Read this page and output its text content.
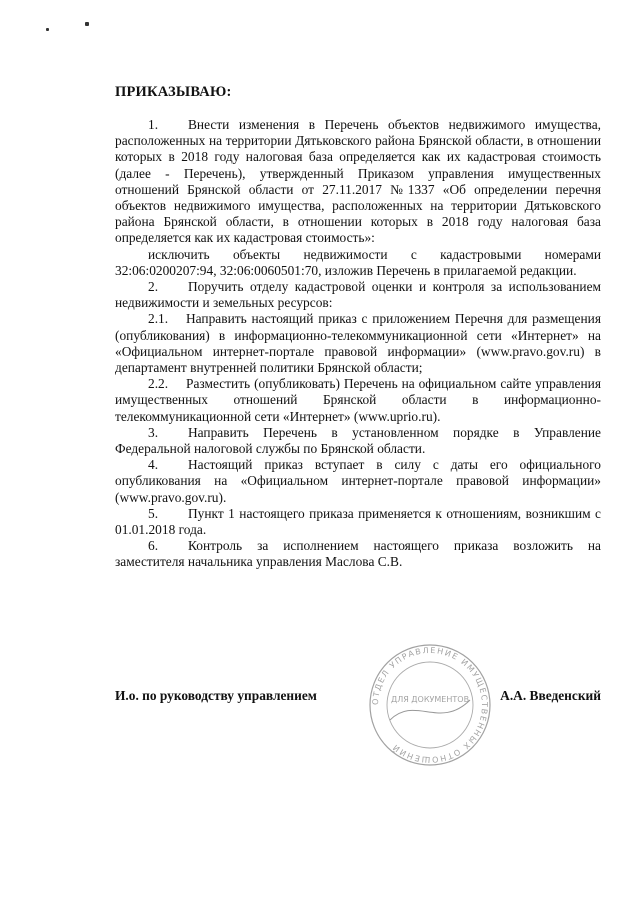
ПРИКАЗЫВАЮ:

1. Внести изменения в Перечень объектов недвижимого имущества, расположенных на территории Дятьковского района Брянской области, в отношении которых в 2018 году налоговая база определяется как их кадастровая стоимость (далее - Перечень), утвержденный Приказом управления имущественных отношений Брянской области от 27.11.2017 №1337 «Об определении перечня объектов недвижимого имущества, расположенных на территории Дятьковского района Брянской области, в отношении которых в 2018 году налоговая база определяется как их кадастровая стоимость»:

исключить объекты недвижимости с кадастровыми номерами 32:06:0200207:94, 32:06:0060501:70, изложив Перечень в прилагаемой редакции.

2. Поручить отделу кадастровой оценки и контроля за использованием недвижимости и земельных ресурсов:

2.1. Направить настоящий приказ с приложением Перечня для размещения (опубликования) в информационно-телекоммуникационной сети «Интернет» на «Официальном интернет-портале правовой информации» (www.pravo.gov.ru) в департамент внутренней политики Брянской области;

2.2. Разместить (опубликовать) Перечень на официальном сайте управления имущественных отношений Брянской области в информационно-телекоммуникационной сети «Интернет» (www.uprio.ru).

3. Направить Перечень в установленном порядке в Управление Федеральной налоговой службы по Брянской области.

4. Настоящий приказ вступает в силу с даты его официального опубликования на «Официальном интернет-портале правовой информации» (www.pravo.gov.ru).

5. Пункт 1 настоящего приказа применяется к отношениям, возникшим с 01.01.2018 года.

6. Контроль за исполнением настоящего приказа возложить на заместителя начальника управления Маслова С.В.

ОТДЕЛ УПРАВЛЕНИЕ ИМУЩЕСТВЕННЫХ ОТНОШЕНИЙ
ДЛЯ ДОКУМЕНТОВ
И.о. по руководству управлением	А.А. Введенский
